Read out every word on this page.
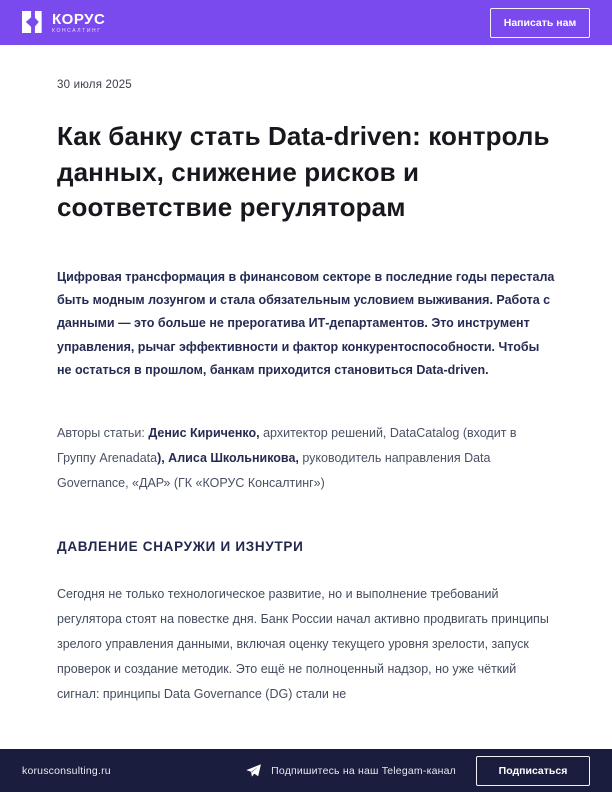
КОРУС
КОНСАЛТИНГ
Написать нам
30 июля 2025
Как банку стать Data-driven: контроль
данных, снижение рисков и
соответствие регуляторам

Цифровая трансформация в финансовом секторе в последние годы перестала быть модным лозунгом и стала обязательным условием выживания. Работа с данными — это больше не прерогатива ИТ-департаментов. Это инструмент управления, рычаг эффективности и фактор конкурентоспособности. Чтобы не остаться в прошлом, банкам приходится становиться Data-driven.

Авторы статьи: Денис Кириченко, архитектор решений, DataCatalog (входит в Группу Arenadata), Алиса Школьникова, руководитель направления Data Governance, «ДАР» (ГК «КОРУС Консалтинг»)

ДАВЛЕНИЕ СНАРУЖИ И ИЗНУТРИ

Сегодня не только технологическое развитие, но и выполнение требований регулятора стоят на повестке дня. Банк России начал активно продвигать принципы зрелого управления данными, включая оценку текущего уровня зрелости, запуск проверок и создание методик. Это ещё не полноценный надзор, но уже чёткий сигнал: принципы Data Governance (DG) стали не

korusconsulting.ru	Подпишитесь на наш Telegam-канал	Подписаться
